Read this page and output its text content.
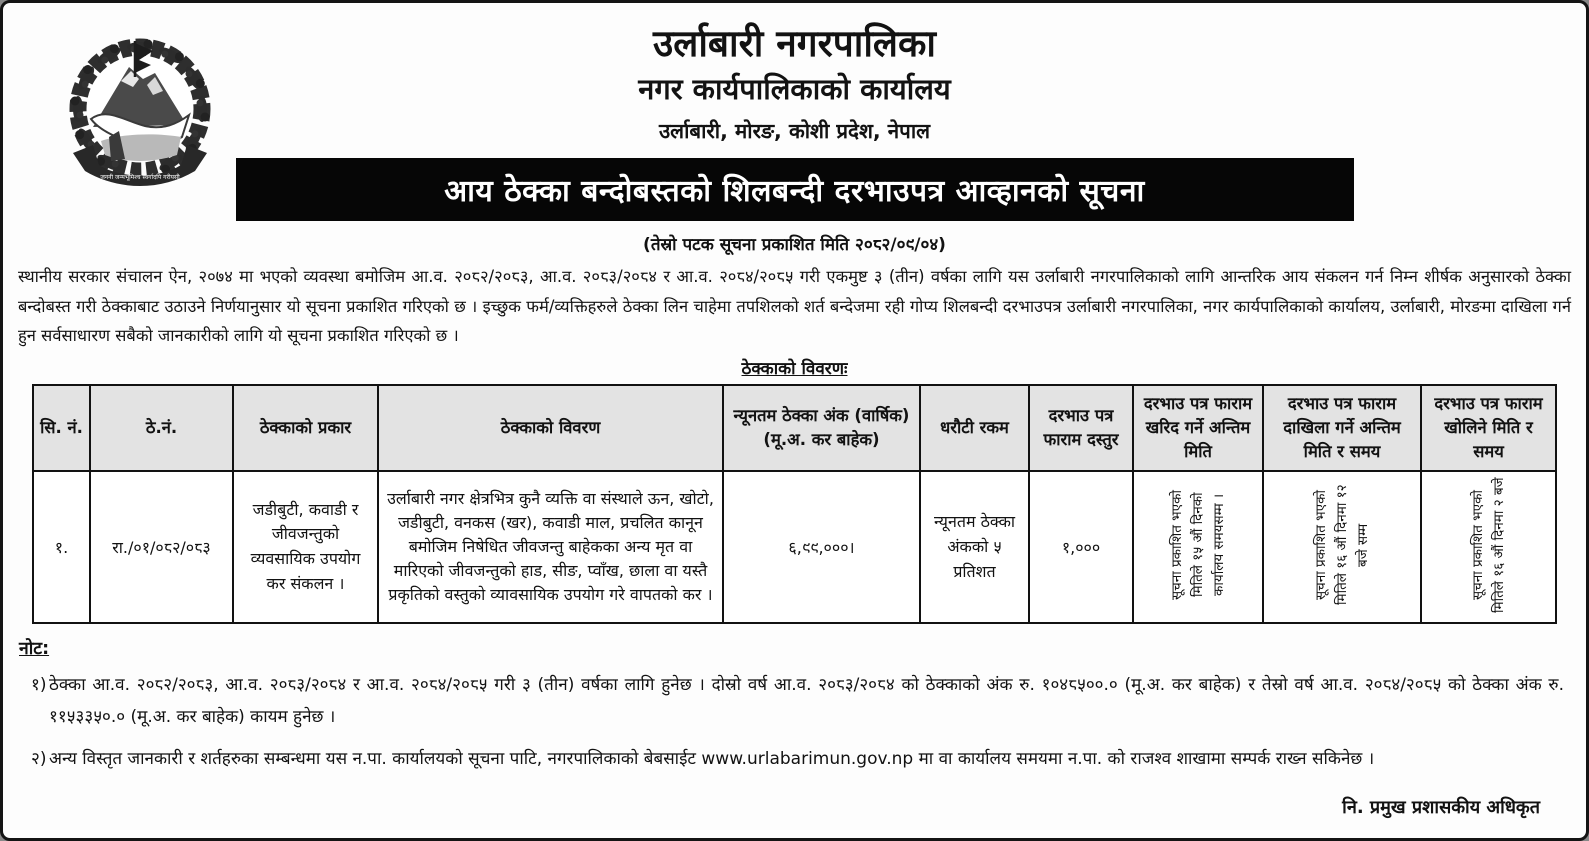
जननी जन्मभूमिश्च स्वर्गादपि गरीयसी
उर्लाबारी नगरपालिका
नगर कार्यपालिकाको कार्यालय
उर्लाबारी, मोरङ, कोशी प्रदेश, नेपाल
आय ठेक्का बन्दोबस्तको शिलबन्दी दरभाउपत्र आव्हानको सूचना
(तेस्रो पटक सूचना प्रकाशित मिति २०८२/०९/०४)
स्थानीय सरकार संचालन ऐन, २०७४ मा भएको व्यवस्था बमोजिम आ.व. २०८२/२०८३, आ.व. २०८३/२०८४ र आ.व. २०८४/२०८५ गरी एकमुष्ट ३ (तीन) वर्षका लागि यस उर्लाबारी नगरपालिकाको लागि आन्तरिक आय संकलन गर्न निम्न शीर्षक अनुसारको ठेक्का बन्दोबस्त गरी ठेक्काबाट उठाउने निर्णयानुसार यो सूचना प्रकाशित गरिएको छ । इच्छुक फर्म/व्यक्तिहरुले ठेक्का लिन चाहेमा तपशिलको शर्त बन्देजमा रही गोप्य शिलबन्दी दरभाउपत्र उर्लाबारी नगरपालिका, नगर कार्यपालिकाको कार्यालय, उर्लाबारी, मोरङमा दाखिला गर्न हुन सर्वसाधारण सबैको जानकारीको लागि यो सूचना प्रकाशित गरिएको छ ।
ठेक्काको विवरणः
सि. नं.	ठे.नं.	ठेक्काको प्रकार	ठेक्काको विवरण	न्यूनतम ठेक्का अंक (वार्षिक) (मू.अ. कर बाहेक)	धरौटी रकम	दरभाउ पत्र फाराम दस्तुर	दरभाउ पत्र फाराम खरिद गर्ने अन्तिम मिति	दरभाउ पत्र फाराम दाखिला गर्ने अन्तिम मिति र समय	दरभाउ पत्र फाराम खोलिने मिति र समय
१.	रा./०१/०८२/०८३	जडीबुटी, कवाडी र जीवजन्तुको व्यवसायिक उपयोग कर संकलन ।	उर्लाबारी नगर क्षेत्रभित्र कुनै व्यक्ति वा संस्थाले ऊन, खोटो, जडीबुटी, वनकस (खर), कवाडी माल, प्रचलित कानून बमोजिम निषेधित जीवजन्तु बाहेकका अन्य मृत वा मारिएको जीवजन्तुको हाड, सीङ, प्वाँख, छाला वा यस्तै प्रकृतिको वस्तुको व्यावसायिक उपयोग गरे वापतको कर ।	६,९९,०००।	न्यूनतम ठेक्का अंकको ५ प्रतिशत	१,०००	सूचना प्रकाशित भएको मितिले १५ औं दिनको कार्यालय समयसम्म ।	सूचना प्रकाशित भएको मितिले १६ औं दिनमा १२ बजे सम्म	सूचना प्रकाशित भएको मितिले १६ औं दिनमा २ बजे
नोट:
१) ठेक्का आ.व. २०८२/२०८३, आ.व. २०८३/२०८४ र आ.व. २०८४/२०८५ गरी ३ (तीन) वर्षका लागि हुनेछ । दोस्रो वर्ष आ.व. २०८३/२०८४ को ठेक्काको अंक रु. १०४८५००.० (मू.अ. कर बाहेक) र तेस्रो वर्ष आ.व. २०८४/२०८५ को ठेक्का अंक रु. ११५३३५०.० (मू.अ. कर बाहेक) कायम हुनेछ ।
२) अन्य विस्तृत जानकारी र शर्तहरुका सम्बन्धमा यस न.पा. कार्यालयको सूचना पाटि, नगरपालिकाको बेबसाईट www.urlabarimun.gov.np मा वा कार्यालय समयमा न.पा. को राजश्व शाखामा सम्पर्क राख्न सकिनेछ ।
नि. प्रमुख प्रशासकीय अधिकृत
